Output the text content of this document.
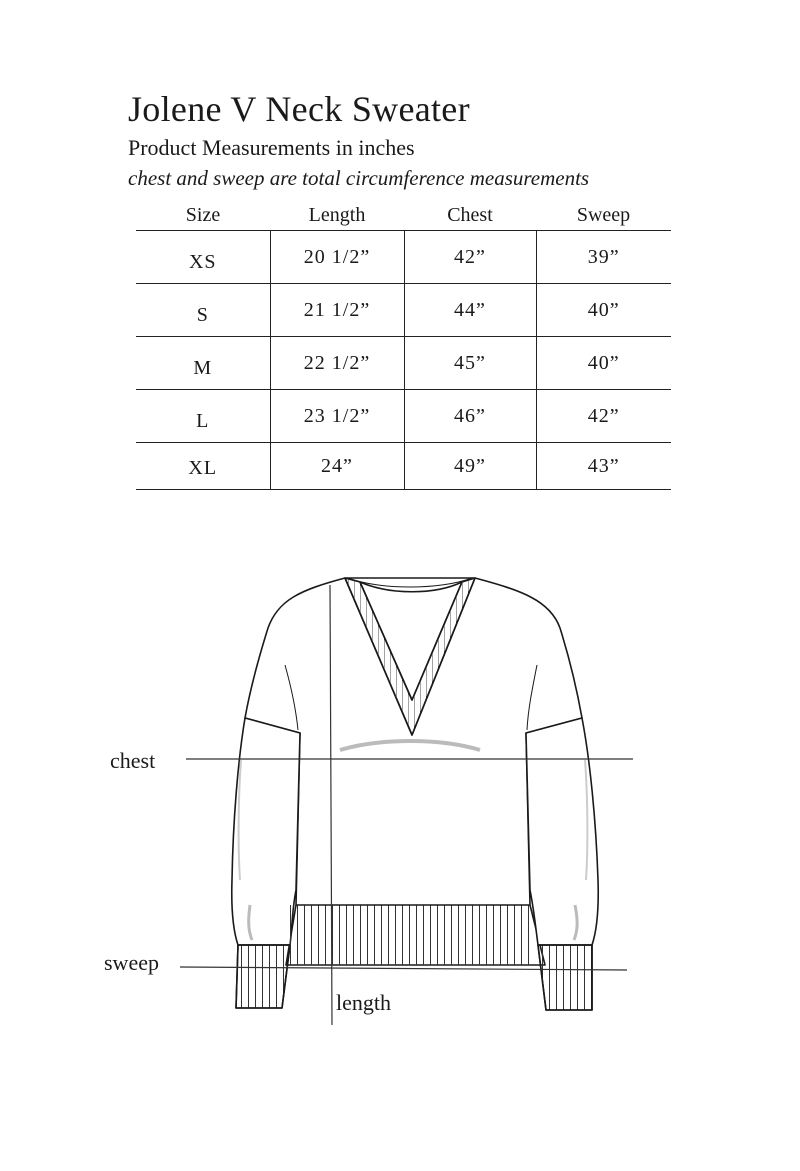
Jolene V Neck Sweater
Product Measurements in inches
chest and sweep are total circumference measurements
Size	Length	Chest	Sweep
XS	20 1/2”	42”	39”
S	21 1/2”	44”	40”
M	22 1/2”	45”	40”
L	23 1/2”	46”	42”
XL	24”	49”	43”
chest
sweep
length
